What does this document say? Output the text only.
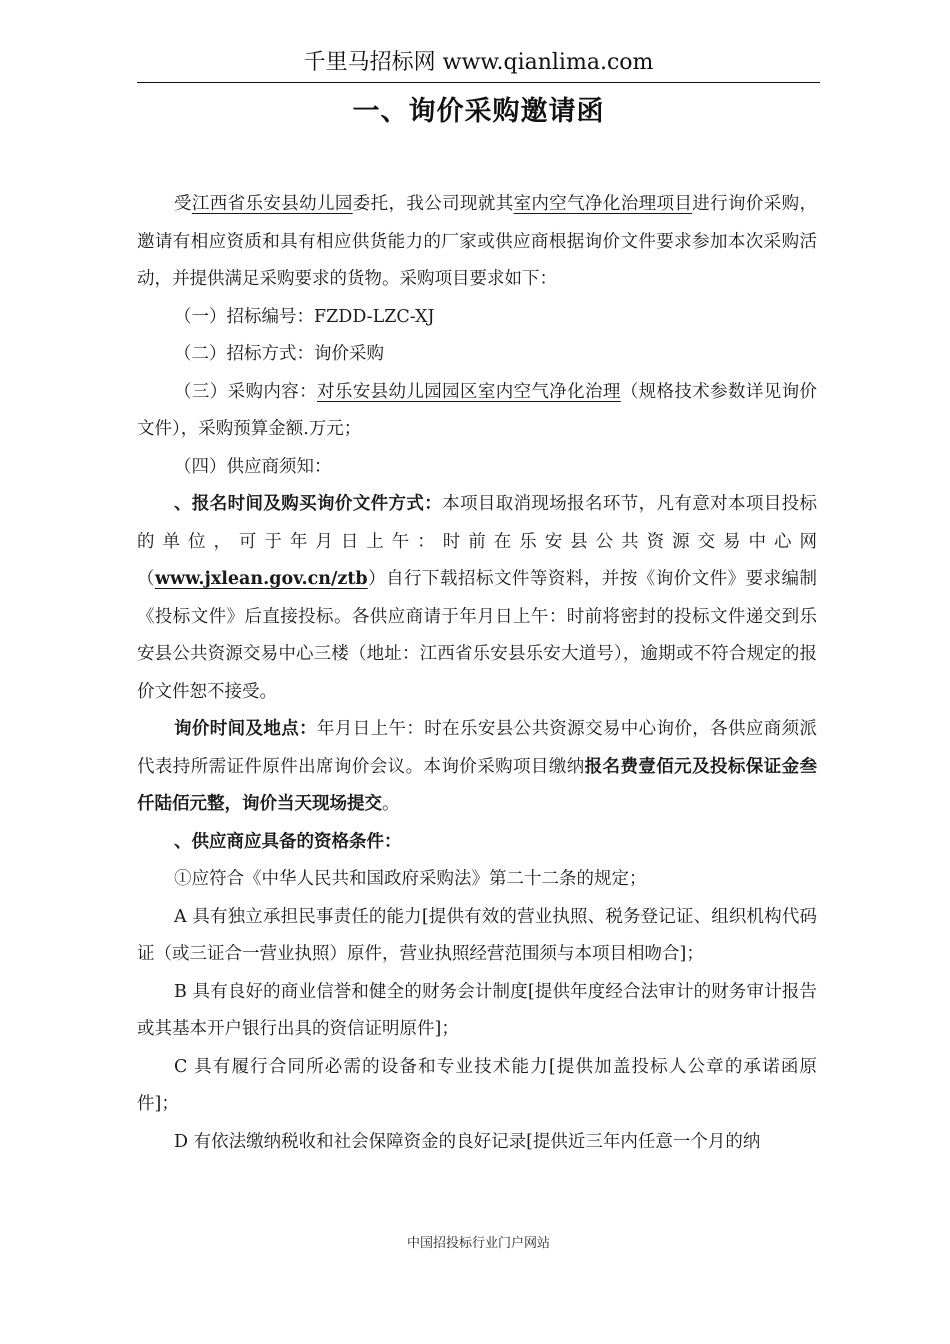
千里马招标网 www.qianlima.com
一、询价采购邀请函

受江西省乐安县幼儿园委托，我公司现就其室内空气净化治理项目进行询价采购，邀请有相应资质和具有相应供货能力的厂家或供应商根据询价文件要求参加本次采购活动，并提供满足采购要求的货物。采购项目要求如下：

（一）招标编号：FZDD-LZC-XJ

（二）招标方式：询价采购

（三）采购内容：对乐安县幼儿园园区室内空气净化治理（规格技术参数详见询价文件），采购预算金额.万元；

（四）供应商须知：

、报名时间及购买询价文件方式：本项目取消现场报名环节，凡有意对本项目投标的单位，可于年月日上午：时前在乐安县公共资源交易中心网（www.jxlean.gov.cn/ztb）自行下载招标文件等资料，并按《询价文件》要求编制《投标文件》后直接投标。各供应商请于年月日上午：时前将密封的投标文件递交到乐安县公共资源交易中心三楼（地址：江西省乐安县乐安大道号），逾期或不符合规定的报价文件恕不接受。

询价时间及地点：年月日上午：时在乐安县公共资源交易中心询价，各供应商须派代表持所需证件原件出席询价会议。本询价采购项目缴纳报名费壹佰元及投标保证金叁仟陆佰元整，询价当天现场提交。

、供应商应具备的资格条件：

①应符合《中华人民共和国政府采购法》第二十二条的规定；

A 具有独立承担民事责任的能力[提供有效的营业执照、税务登记证、组织机构代码证（或三证合一营业执照）原件，营业执照经营范围须与本项目相吻合]；

B 具有良好的商业信誉和健全的财务会计制度[提供年度经合法审计的财务审计报告或其基本开户银行出具的资信证明原件]；

C 具有履行合同所必需的设备和专业技术能力[提供加盖投标人公章的承诺函原件]；

D 有依法缴纳税收和社会保障资金的良好记录[提供近三年内任意一个月的纳

中国招投标行业门户网站
